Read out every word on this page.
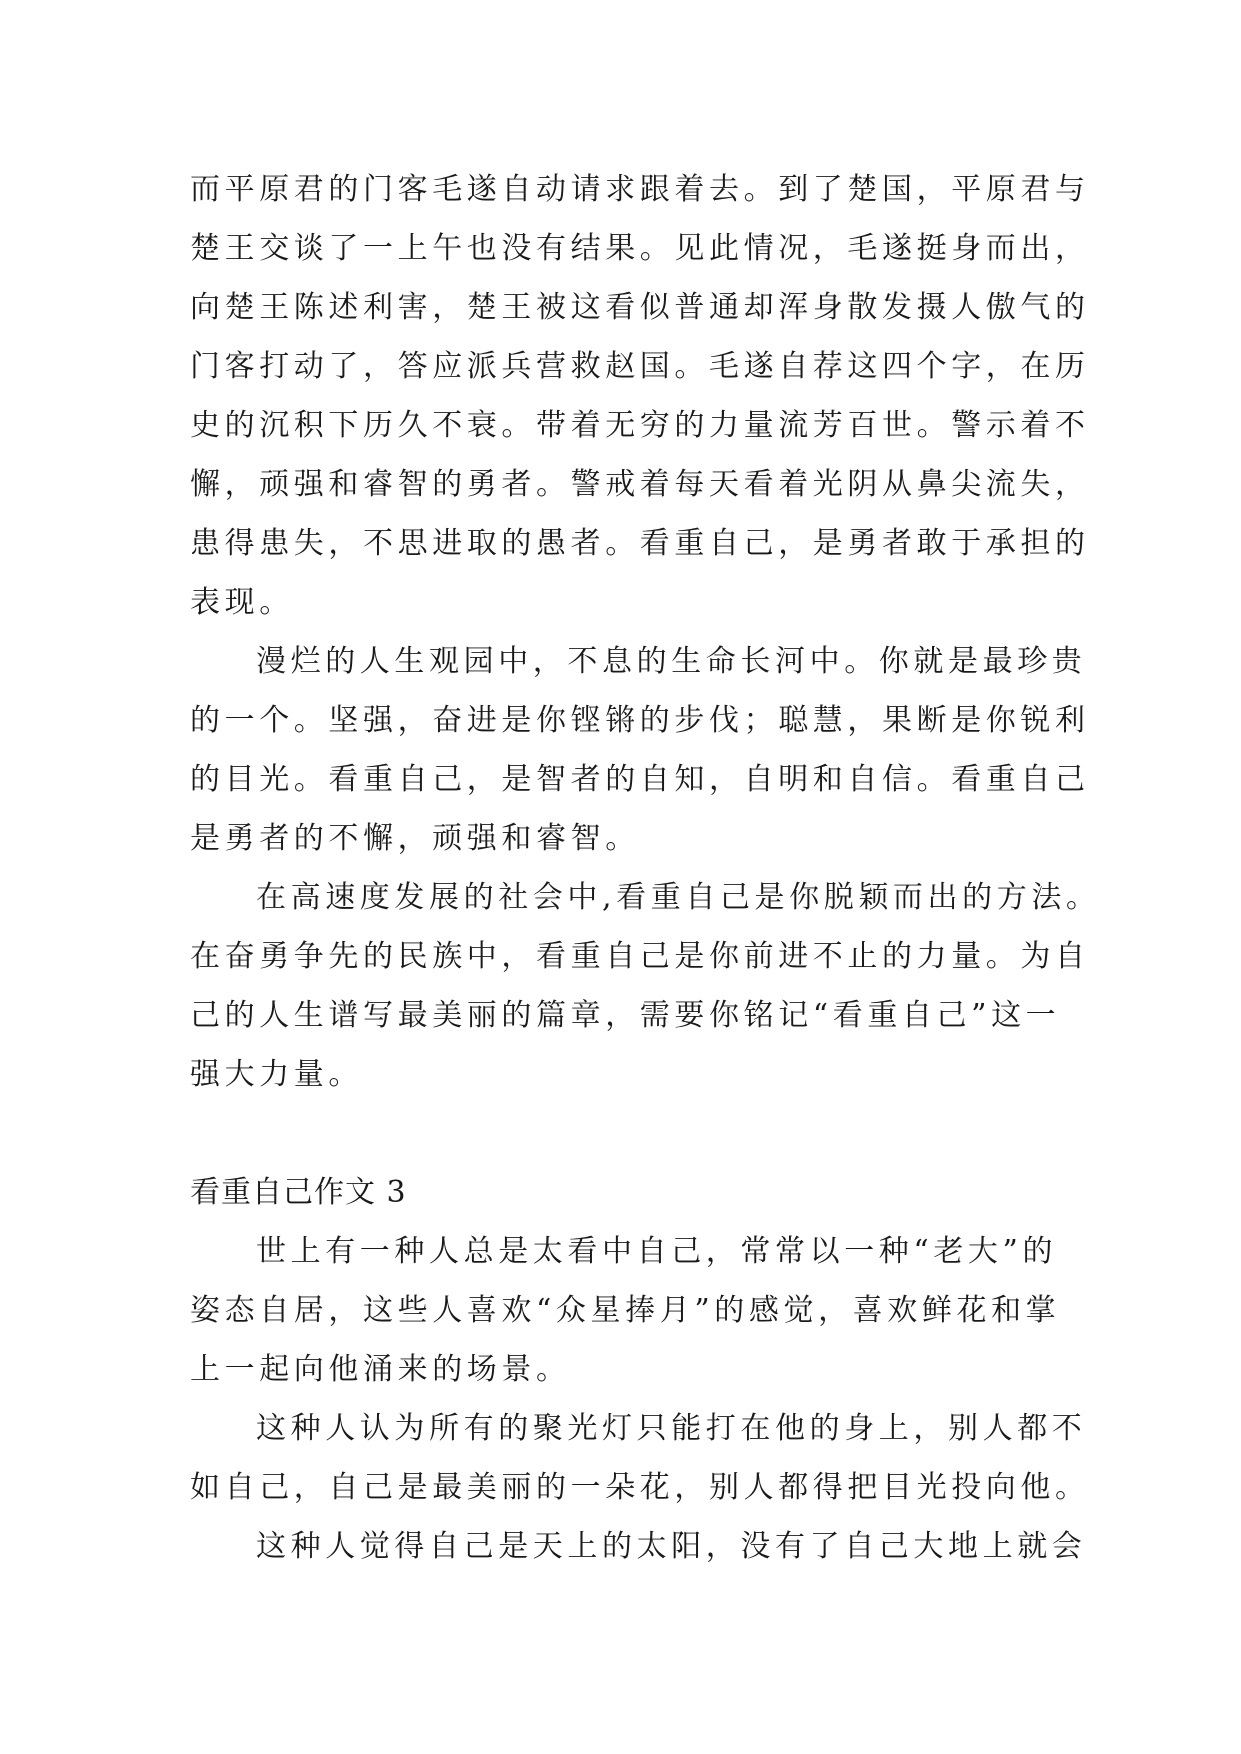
而平原君的门客毛遂自动请求跟着去。到了楚国，平原君与
楚王交谈了一上午也没有结果。见此情况，毛遂挺身而出，
向楚王陈述利害，楚王被这看似普通却浑身散发摄人傲气的
门客打动了，答应派兵营救赵国。毛遂自荐这四个字，在历
史的沉积下历久不衰。带着无穷的力量流芳百世。警示着不
懈，顽强和睿智的勇者。警戒着每天看着光阴从鼻尖流失，
患得患失，不思进取的愚者。看重自己，是勇者敢于承担的
表现。
漫烂的人生观园中，不息的生命长河中。你就是最珍贵
的一个。坚强，奋进是你铿锵的步伐；聪慧，果断是你锐利
的目光。看重自己，是智者的自知，自明和自信。看重自己
是勇者的不懈，顽强和睿智。
在高速度发展的社会中,看重自己是你脱颖而出的方法。
在奋勇争先的民族中，看重自己是你前进不止的力量。为自
己的人生谱写最美丽的篇章，需要你铭记“看重自己”这一
强大力量。
看重自己作文 3
世上有一种人总是太看中自己，常常以一种“老大”的
姿态自居，这些人喜欢“众星捧月”的感觉，喜欢鲜花和掌
上一起向他涌来的场景。
这种人认为所有的聚光灯只能打在他的身上，别人都不
如自己，自己是最美丽的一朵花，别人都得把目光投向他。
这种人觉得自己是天上的太阳，没有了自己大地上就会
